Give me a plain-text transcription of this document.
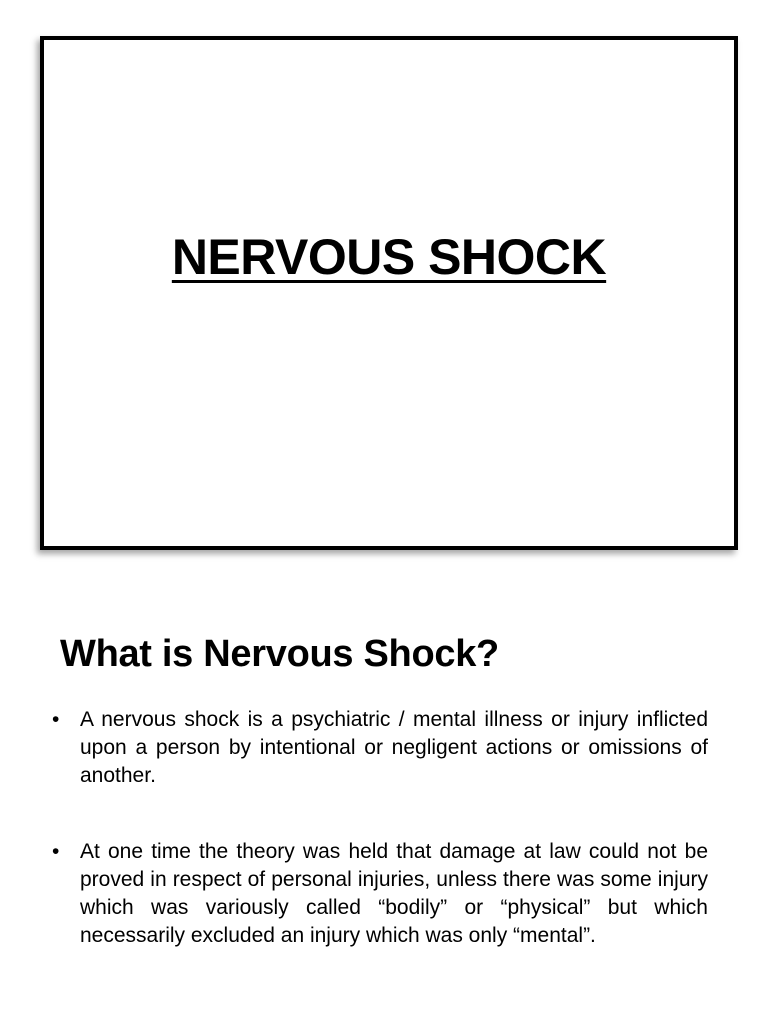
NERVOUS SHOCK
What is Nervous Shock?
• A nervous shock is a psychiatric / mental illness or injury inflicted upon a person by intentional or negligent actions or omissions of another.
• At one time the theory was held that damage at law could not be proved in respect of personal injuries, unless there was some injury which was variously called “bodily” or “physical” but which necessarily excluded an injury which was only “mental”.
